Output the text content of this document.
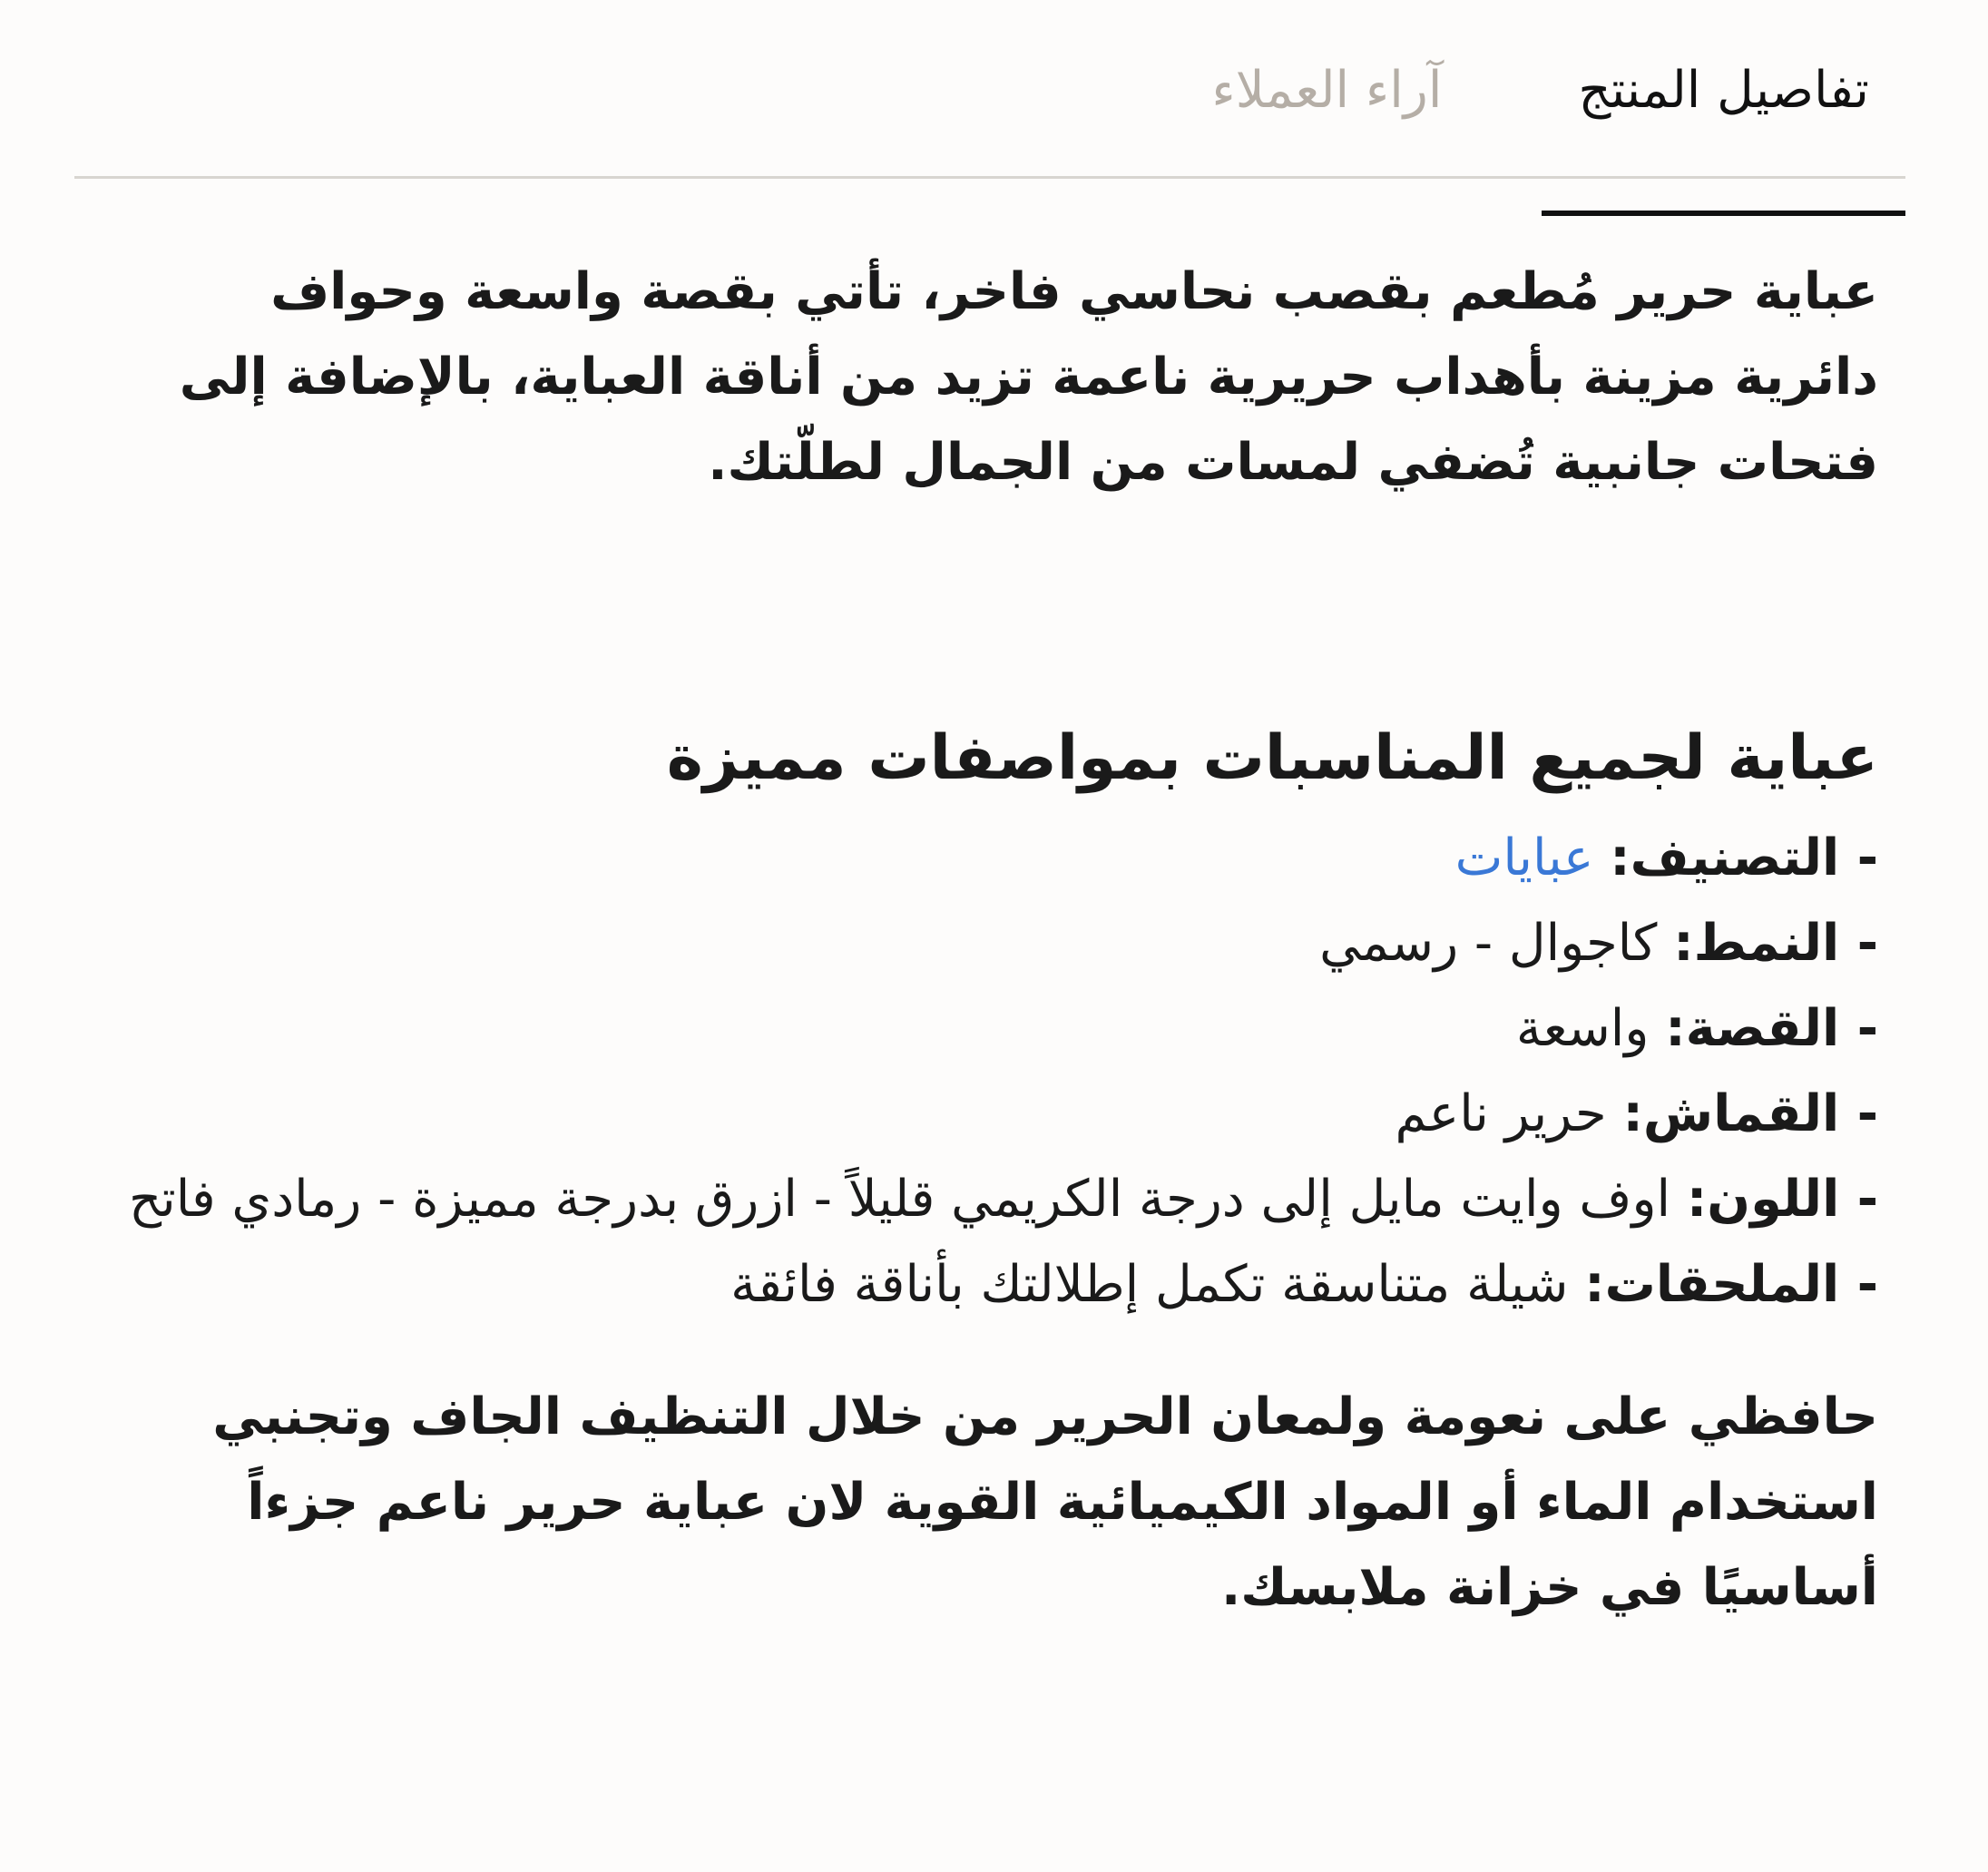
تفاصيل المنتج
آراء العملاء

عباية حرير مُطعم بقصب نحاسي فاخر، تأتي بقصة واسعة وحواف دائرية مزينة بأهداب حريرية ناعمة تزيد من أناقة العباية، بالإضافة إلى فتحات جانبية تُضفي لمسات من الجمال لطلّتك.

عباية لجميع المناسبات بمواصفات مميزة
- التصنيف: عبايات
- النمط: كاجوال - رسمي
- القصة: واسعة
- القماش: حرير ناعم
- اللون: اوف وايت مايل إلى درجة الكريمي قليلاً - ازرق بدرجة مميزة - رمادي فاتح
- الملحقات: شيلة متناسقة تكمل إطلالتك بأناقة فائقة

حافظي على نعومة ولمعان الحرير من خلال التنظيف الجاف وتجنبي استخدام الماء أو المواد الكيميائية القوية لان عباية حرير ناعم جزءاً أساسيًا في خزانة ملابسك.
